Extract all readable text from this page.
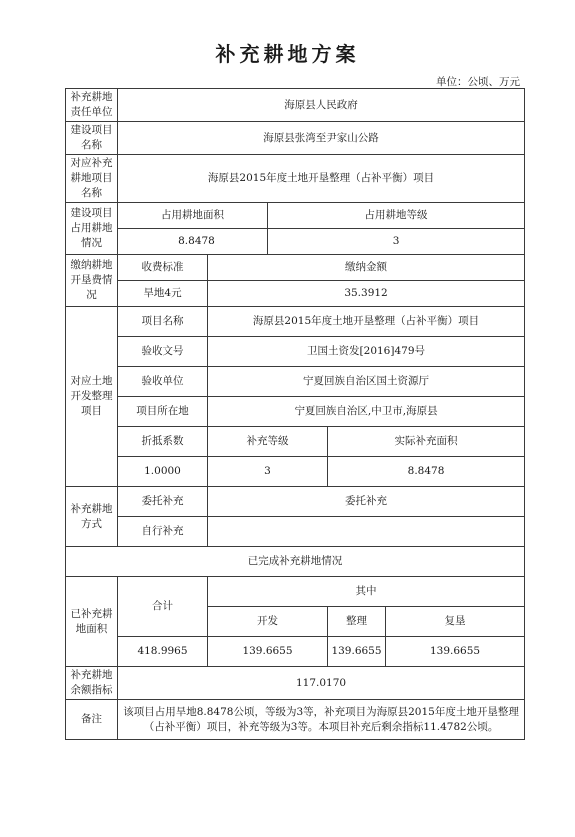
补充耕地方案
单位：公顷、万元
补充耕地责任单位	海原县人民政府				
建设项目名称	海原县张湾至尹家山公路				
对应补充耕地项目名称	海原县2015年度土地开垦整理（占补平衡）项目				
建设项目占用耕地情况	占用耕地面积		占用耕地等级		
	8.8478		3		
缴纳耕地开垦费情况	收费标准	缴纳金额			
	旱地4元	35.3912			
对应土地开发整理项目	项目名称	海原县2015年度土地开垦整理（占补平衡）项目			
	验收文号	卫国土资发[2016]479号			
	验收单位	宁夏回族自治区国土资源厅			
	项目所在地	宁夏回族自治区,中卫市,海原县			
	折抵系数	补充等级		实际补充面积	
	1.0000	3		8.8478	
补充耕地方式	委托补充	委托补充			
	自行补充				
已完成补充耕地情况					
已补充耕地面积	合计	其中			
		开发		整理	复垦
	418.9965	139.6655		139.6655	139.6655
补充耕地余额指标	117.0170				
备注	该项目占用旱地8.8478公顷，等级为3等，补充项目为海原县2015年度土地开垦整理（占补平衡）项目，补充等级为3等。本项目补充后剩余指标11.4782公顷。				
